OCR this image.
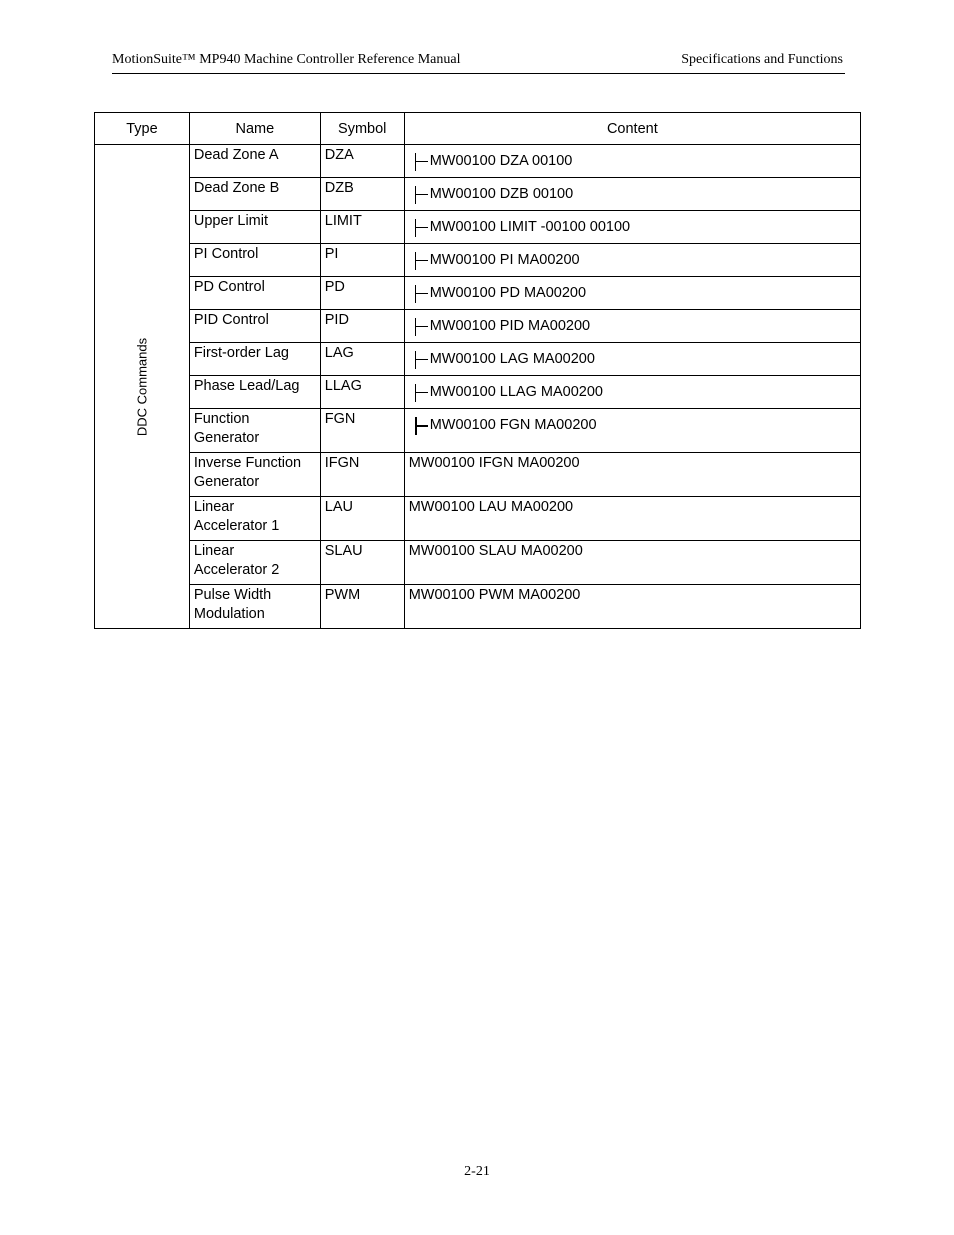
MotionSuite™ MP940 Machine Controller Reference Manual	Specifications and Functions
Type	Name	Symbol	Content

DDC Commands	Dead Zone A	DZA	MW00100 DZA 00100

	Dead Zone B	DZB	MW00100 DZB 00100

	Upper Limit	LIMIT	MW00100 LIMIT -00100 00100

	PI Control	PI	MW00100 PI MA00200

	PD Control	PD	MW00100 PD MA00200

	PID Control	PID	MW00100 PID MA00200

	First-order Lag	LAG	MW00100 LAG MA00200

	Phase Lead/Lag	LLAG	MW00100 LLAG MA00200

	Function
Generator	FGN	MW00100 FGN MA00200

	Inverse Function
Generator	IFGN	MW00100 IFGN MA00200

	Linear
Accelerator 1	LAU	MW00100 LAU MA00200

	Linear
Accelerator 2	SLAU	MW00100 SLAU MA00200

	Pulse Width
Modulation	PWM	MW00100 PWM MA00200
2-21
